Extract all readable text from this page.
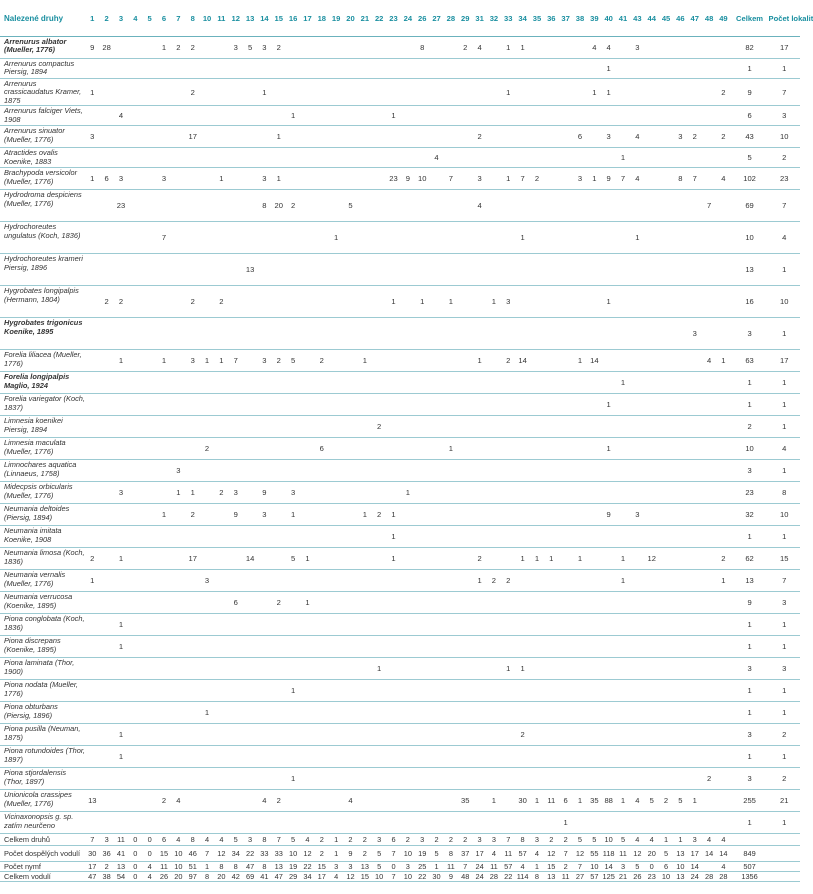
Nalezené druhy	1	2	3	4	5	6	7	8	10	11	12	13	14	15	16	17	18	19	20	21	22	23	24	26	27	28	29	31	32	33	34	35	36	37	38	39	40	41	43	44	45	46	47	48	49	Celkem	Počet lokalit
Arrenurus albator (Mueller, 1776)	9	28				1	2	2			3	5	3	2										8			2	4		1	1					4	4		3							82	17
Arrenurus compactus Piersig, 1894																																					1									1	1
Arrenurus crassicaudatus Kramer, 1875	1							2					1																	1						1	1								2	9	7
Arrenurus falciger Viets, 1908			4												1							1																								6	3
Arrenurus sinuator (Mueller, 1776)	3							17						1														2							6		3		4			3	2		2	43	10
Atractides ovalis Koenike, 1883																									4													1								5	2
Brachypoda versicolor (Mueller, 1776)	1	6	3			3				1			3	1								23	9	10		7		3		1	7	2			3	1	9	7	4			8	7		4	102	23
Hydrodroma despiciens (Mueller, 1776)			23										8	20	2				5									4																7		69	7
Hydrochoreutes ungulatus (Koch, 1836)						7												1													1								1							10	4
Hydrochoreutes krameri Piersig, 1896												13																																		13	1
Hygrobates longipalpis (Hermann, 1804)		2	2					2		2												1		1		1			1	3							1									16	10
Hygrobates trigonicus Koenike, 1895																																											3			3	1
Forelia liliacea (Mueller, 1776)			1			1		3	1	1	7		3	2	5		2			1								1		2	14				1	14								4	1	63	17
Forelia longipalpis Maglio, 1924																																						1								1	1
Forelia variegator (Koch, 1837)																																					1									1	1
Limnesia koenikei Piersig, 1894																					2																									2	1
Limnesia maculata (Mueller, 1776)									2								6									1											1									10	4
Limnochares aquatica (Linnaeus, 1758)							3																																							3	1
Midecpsis orbicularis (Mueller, 1776)			3				1	1		2	3		9		3								1																							23	8
Neumania deltoides (Piersig, 1894)						1		2			9		3		1					1	2	1															9		3							32	10
Neumania imitata Koenike, 1908																						1																								1	1
Neumania limosa (Koch, 1836)	2		1					17				14			5	1						1						2			1	1	1		1			1		12					2	62	15
Neumania vernalis (Mueller, 1776)	1								3																			1	2	2								1							1	13	7
Neumania verrucosa (Koenike, 1895)											6			2		1																														9	3
Piona conglobata (Koch, 1836)			1																																											1	1
Piona discrepans (Koenike, 1895)			1																																											1	1
Piona laminata (Thor, 1900)																					1									1	1															3	3
Piona nodata (Mueller, 1776)															1																															1	1
Piona obturbans (Piersig, 1896)									1																																					1	1
Piona pusilla (Neuman, 1875)			1																												2															3	2
Piona rotundoides (Thor, 1897)			1																																											1	1
Piona stjordalensis (Thor, 1897)															1																													2		3	2
Unionicola crassipes (Mueller, 1776)	13					2	4						4	2					4								35		1		30	1	11	6	1	35	88	1	4	5	2	5	1			255	21
Vicinaxonopsis g. sp. zatím neurčeno																																		1												1	1
Celkem druhů	7	3	11	0	0	6	4	8	4	4	5	3	8	7	5	4	2	1	2	2	3	6	2	3	2	2	2	3	3	7	8	3	2	2	5	5	10	5	4	4	1	1	3	4	4		
Počet dospělých vodulí	30	36	41	0	0	15	10	46	7	12	34	22	33	33	10	12	2	1	9	2	5	7	10	19	5	8	37	17	4	11	57	4	12	7	12	55	118	11	12	20	5	13	17	14	14	849	
Počet nymf	17	2	13	0	4	11	10	51	1	8	8	47	8	13	19	22	15	3	3	13	5	0	3	25	1	11	7	24	11	57	4	1	15	2	7	10	14	3	5	0	6	10	14		4	507	
Celkem vodulí	47	38	54	0	4	26	20	97	8	20	42	69	41	47	29	34	17	4	12	15	10	7	10	22	30	9	48	24	28	22	114	8	13	11	27	57	125	21	26	23	10	13	24	28	28	1356	
